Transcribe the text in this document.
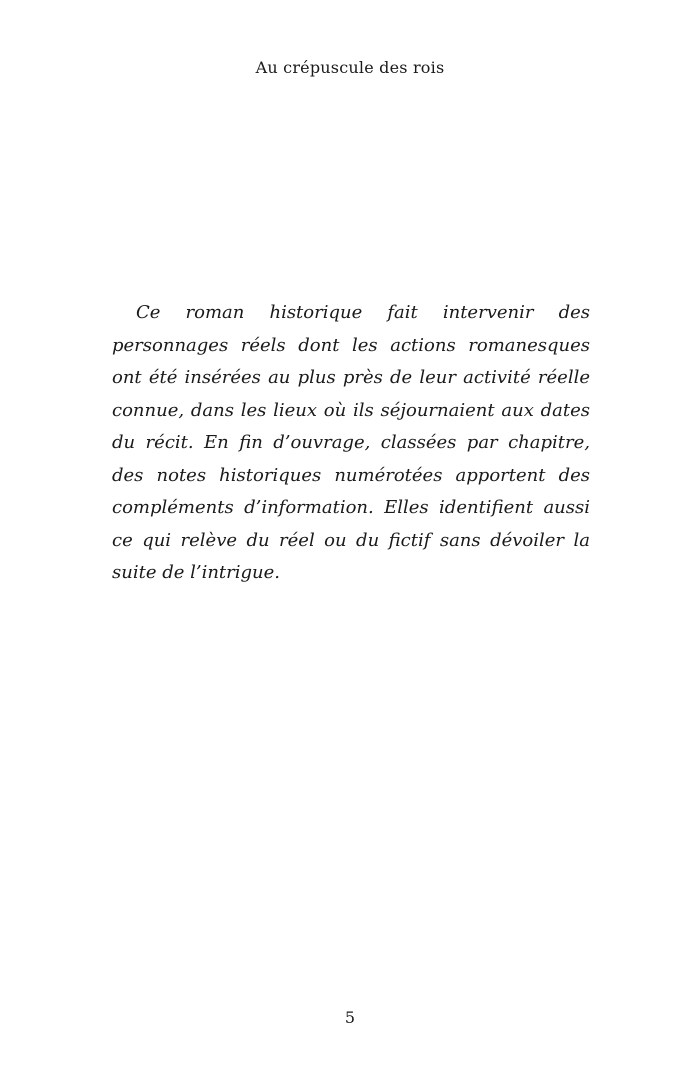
Au crépuscule des rois

Ce roman historique fait intervenir des personnages réels dont les actions romanesques ont été insérées au plus près de leur activité réelle connue, dans les lieux où ils séjournaient aux dates du récit. En fin d’ouvrage, classées par chapitre, des notes historiques numérotées apportent des compléments d’information. Elles identifient aussi ce qui relève du réel ou du fictif sans dévoiler la suite de l’intrigue.

5
